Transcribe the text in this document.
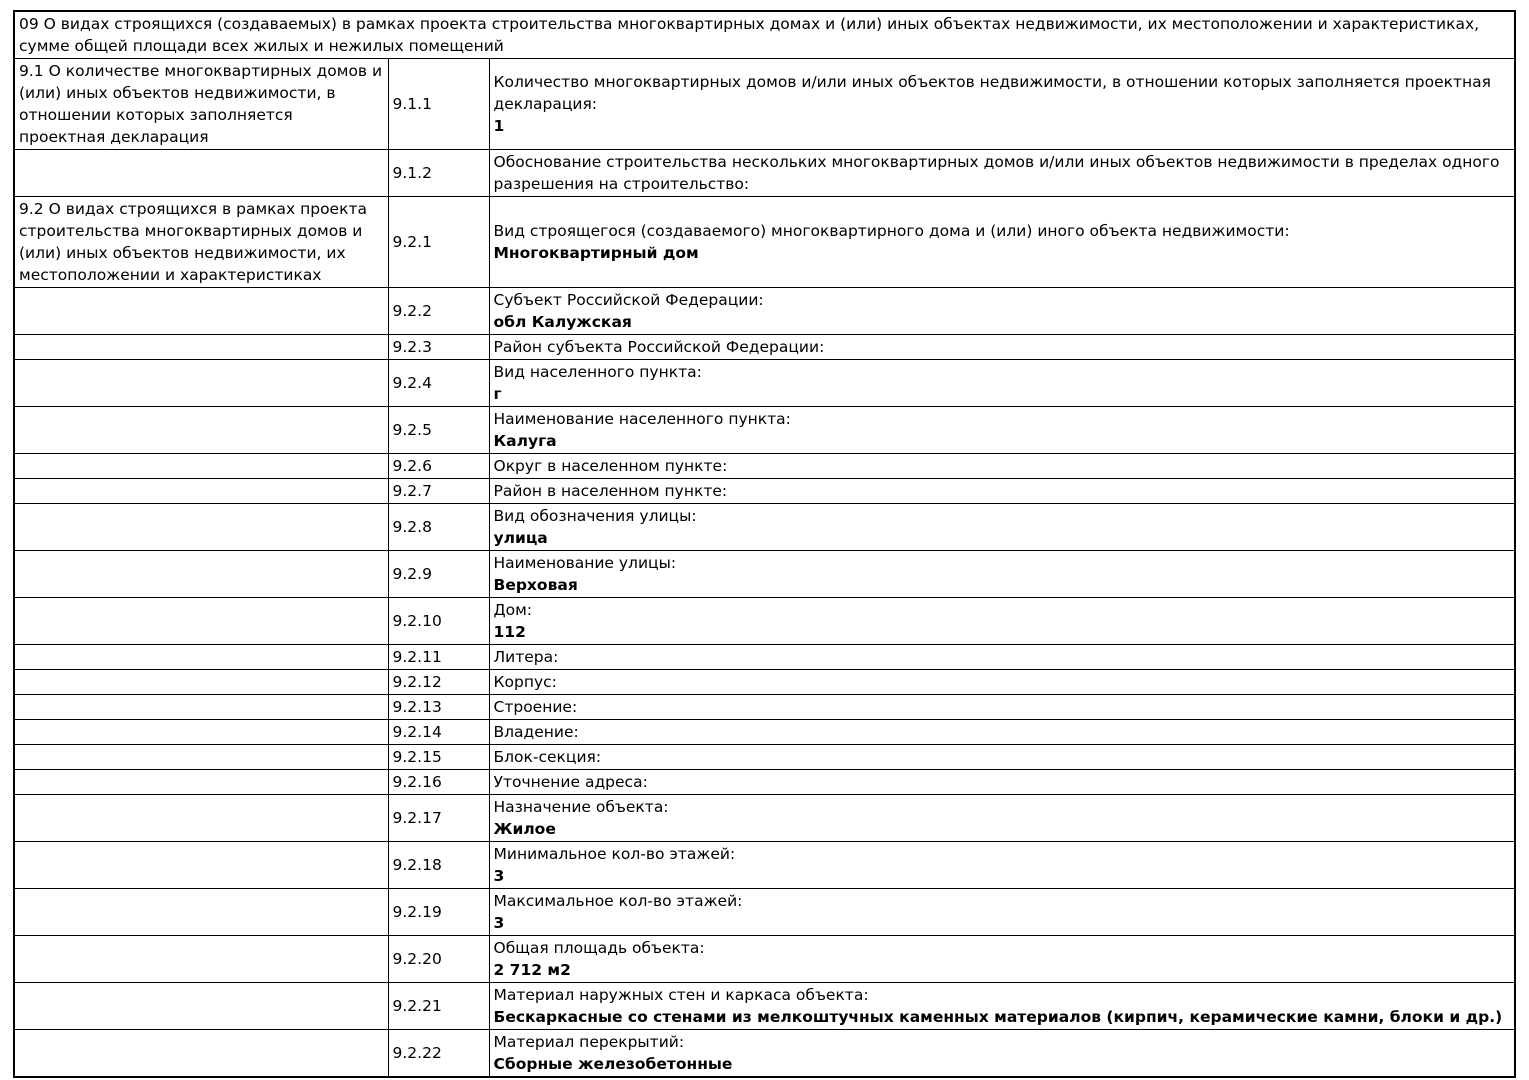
09 О видах строящихся (создаваемых) в рамках проекта строительства многоквартирных домах и (или) иных объектах недвижимости, их местоположении и характеристиках, сумме общей площади всех жилых и нежилых помещений		
9.1 О количестве многоквартирных домов и (или) иных объектов недвижимости, в отношении которых заполняется проектная декларация	9.1.1	Количество многоквартирных домов и/или иных объектов недвижимости, в отношении которых заполняется проектная декларация:
1

	9.1.2	Обоснование строительства нескольких многоквартирных домов и/или иных объектов недвижимости в пределах одного разрешения на строительство:

9.2 О видах строящихся в рамках проекта строительства многоквартирных домов и (или) иных объектов недвижимости, их местоположении и характеристиках	9.2.1	Вид строящегося (создаваемого) многоквартирного дома и (или) иного объекта недвижимости:
Многоквартирный дом

	9.2.2	Субъект Российской Федерации:
обл Калужская

	9.2.3	Район субъекта Российской Федерации:

	9.2.4	Вид населенного пункта:
г

	9.2.5	Наименование населенного пункта:
Калуга

	9.2.6	Округ в населенном пункте:

	9.2.7	Район в населенном пункте:

	9.2.8	Вид обозначения улицы:
улица

	9.2.9	Наименование улицы:
Верховая

	9.2.10	Дом:
112

	9.2.11	Литера:

	9.2.12	Корпус:

	9.2.13	Строение:

	9.2.14	Владение:

	9.2.15	Блок-секция:

	9.2.16	Уточнение адреса:

	9.2.17	Назначение объекта:
Жилое

	9.2.18	Минимальное кол-во этажей:
3

	9.2.19	Максимальное кол-во этажей:
3

	9.2.20	Общая площадь объекта:
2 712 м2

	9.2.21	Материал наружных стен и каркаса объекта:
Бескаркасные со стенами из мелкоштучных каменных материалов (кирпич, керамические камни, блоки и др.)

	9.2.22	Материал перекрытий:
Сборные железобетонные
